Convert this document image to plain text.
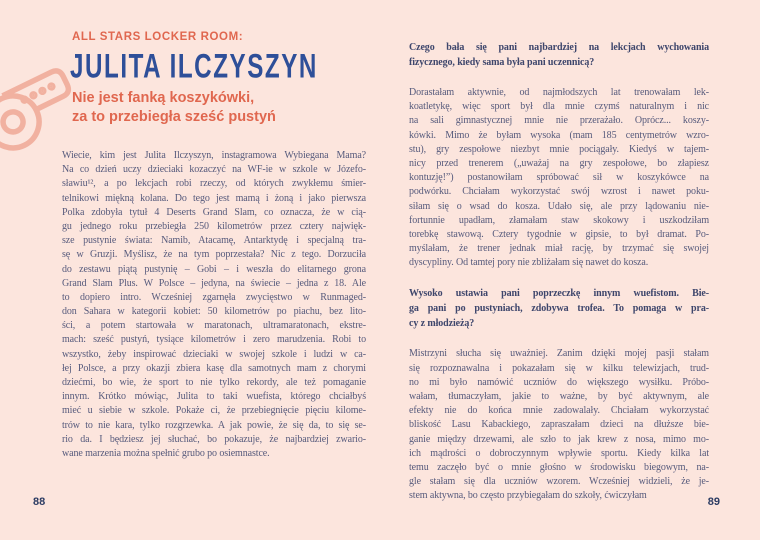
ALL STARS LOCKER ROOM:
JULITA ILCZYSZYN
Nie jest fanką koszykówki,
za to przebiegła sześć pustyń
Wiecie, kim jest Julita Ilczyszyn, instagramowa Wybiegana Mama?
Na co dzień uczy dzieciaki kozaczyć na WF-ie w szkole w Józefo-
sławiu¹², a po lekcjach robi rzeczy, od których zwykłemu śmier-
telnikowi miękną kolana. Do tego jest mamą i żoną i jako pierwsza
Polka zdobyła tytuł 4 Deserts Grand Slam, co oznacza, że w cią-
gu jednego roku przebiegła 250 kilometrów przez cztery najwięk-
sze pustynie świata: Namib, Atacamę, Antarktydę i specjalną tra-
sę w Gruzji. Myślisz, że na tym poprzestała? Nic z tego. Dorzuciła
do zestawu piątą pustynię – Gobi – i weszła do elitarnego grona
Grand Slam Plus. W Polsce – jedyna, na świecie – jedna z 18. Ale
to dopiero intro. Wcześniej zgarnęła zwycięstwo w Runmaged-
don Sahara w kategorii kobiet: 50 kilometrów po piachu, bez lito-
ści, a potem startowała w maratonach, ultramaratonach, ekstre-
mach: sześć pustyń, tysiące kilometrów i zero marudzenia. Robi to
wszystko, żeby inspirować dzieciaki w swojej szkole i ludzi w ca-
łej Polsce, a przy okazji zbiera kasę dla samotnych mam z chorymi
dziećmi, bo wie, że sport to nie tylko rekordy, ale też pomaganie
innym. Krótko mówiąc, Julita to taki wuefista, którego chciałbyś
mieć u siebie w szkole. Pokaże ci, że przebiegnięcie pięciu kilome-
trów to nie kara, tylko rozgrzewka. A jak powie, że się da, to się se-
rio da. I będziesz jej słuchać, bo pokazuje, że najbardziej zwario-
wane marzenia można spełnić grubo po osiemnastce.
88
Czego bała się pani najbardziej na lekcjach wychowania
fizycznego, kiedy sama była pani uczennicą?
Dorastałam aktywnie, od najmłodszych lat trenowałam lek-
koatletykę, więc sport był dla mnie czymś naturalnym i nic
na sali gimnastycznej mnie nie przerażało. Oprócz... koszy-
kówki. Mimo że byłam wysoka (mam 185 centymetrów wzro-
stu), gry zespołowe niezbyt mnie pociągały. Kiedyś w tajem-
nicy przed trenerem („uważaj na gry zespołowe, bo złapiesz
kontuzję!”) postanowiłam spróbować sił w koszykówce na
podwórku. Chciałam wykorzystać swój wzrost i nawet poku-
siłam się o wsad do kosza. Udało się, ale przy lądowaniu nie-
fortunnie upadłam, złamałam staw skokowy i uszkodziłam
torebkę stawową. Cztery tygodnie w gipsie, to był dramat. Po-
myślałam, że trener jednak miał rację, by trzymać się swojej
dyscypliny. Od tamtej pory nie zbliżałam się nawet do kosza.
Wysoko ustawia pani poprzeczkę innym wuefistom. Bie-
ga pani po pustyniach, zdobywa trofea. To pomaga w pra-
cy z młodzieżą?
Mistrzyni słucha się uważniej. Zanim dzięki mojej pasji stałam
się rozpoznawalna i pokazałam się w kilku telewizjach, trud-
no mi było namówić uczniów do większego wysiłku. Próbo-
wałam, tłumaczyłam, jakie to ważne, by być aktywnym, ale
efekty nie do końca mnie zadowalały. Chciałam wykorzystać
bliskość Lasu Kabackiego, zapraszałam dzieci na dłuższe bie-
ganie między drzewami, ale szło to jak krew z nosa, mimo mo-
ich mądrości o dobroczynnym wpływie sportu. Kiedy kilka lat
temu zaczęło być o mnie głośno w środowisku biegowym, na-
gle stałam się dla uczniów wzorem. Wcześniej widzieli, że je-
stem aktywna, bo często przybiegałam do szkoły, ćwiczyłam
89
